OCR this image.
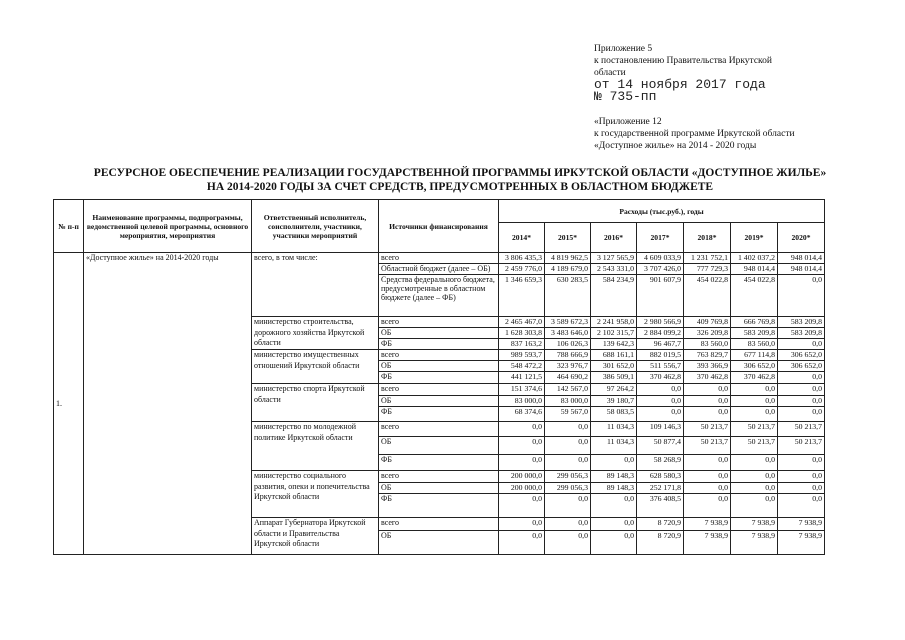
Приложение 5
к постановлению Правительства Иркутской
области
от 14 ноября 2017 года
№ 735-пп
«Приложение 12
к государственной программе Иркутской области
«Доступное жилье» на 2014 - 2020 годы
РЕСУРСНОЕ ОБЕСПЕЧЕНИЕ РЕАЛИЗАЦИИ ГОСУДАРСТВЕННОЙ ПРОГРАММЫ ИРКУТСКОЙ ОБЛАСТИ «ДОСТУПНОЕ ЖИЛЬЕ»
НА 2014-2020 ГОДЫ ЗА СЧЕТ СРЕДСТВ, ПРЕДУСМОТРЕННЫХ В ОБЛАСТНОМ БЮДЖЕТЕ
№ п-п	Наименование программы, подпрограммы, ведомственной целевой программы, основного мероприятия, мероприятия	Ответственный исполнитель, соисполнители, участники, участники мероприятий	Источники финансирования	Расходы (тыс.руб.), годы						
				2014*	2015*	2016*	2017*	2018*	2019*	2020*
1.	«Доступное жилье» на 2014-2020 годы	всего, в том числе:	всего	3 806 435,3	4 819 962,5	3 127 565,9	4 609 033,9	1 231 752,1	1 402 037,2	948 014,4
			Областной бюджет (далее – ОБ)	2 459 776,0	4 189 679,0	2 543 331,0	3 707 426,0	777 729,3	948 014,4	948 014,4
			Средства федерального бюджета, предусмотренные в областном бюджете (далее – ФБ)	1 346 659,3	630 283,5	584 234,9	901 607,9	454 022,8	454 022,8	0,0
		министерство строительства, дорожного хозяйства Иркутской области	всего	2 465 467,0	3 589 672,3	2 241 958,0	2 980 566,9	409 769,8	666 769,8	583 209,8
			ОБ	1 628 303,8	3 483 646,0	2 102 315,7	2 884 099,2	326 209,8	583 209,8	583 209,8
			ФБ	837 163,2	106 026,3	139 642,3	96 467,7	83 560,0	83 560,0	0,0
		министерство имущественных отношений Иркутской области	всего	989 593,7	788 666,9	688 161,1	882 019,5	763 829,7	677 114,8	306 652,0
			ОБ	548 472,2	323 976,7	301 652,0	511 556,7	393 366,9	306 652,0	306 652,0
			ФБ	441 121,5	464 690,2	386 509,1	370 462,8	370 462,8	370 462,8	0,0
		министерство спорта Иркутской области	всего	151 374,6	142 567,0	97 264,2	0,0	0,0	0,0	0,0
			ОБ	83 000,0	83 000,0	39 180,7	0,0	0,0	0,0	0,0
			ФБ	68 374,6	59 567,0	58 083,5	0,0	0,0	0,0	0,0
		министерство по молодежной политике Иркутской области	всего	0,0	0,0	11 034,3	109 146,3	50 213,7	50 213,7	50 213,7
			ОБ	0,0	0,0	11 034,3	50 877,4	50 213,7	50 213,7	50 213,7
			ФБ	0,0	0,0	0,0	58 268,9	0,0	0,0	0,0
		министерство социального развития, опеки и попечительства Иркутской области	всего	200 000,0	299 056,3	89 148,3	628 580,3	0,0	0,0	0,0
			ОБ	200 000,0	299 056,3	89 148,3	252 171,8	0,0	0,0	0,0
			ФБ	0,0	0,0	0,0	376 408,5	0,0	0,0	0,0
		Аппарат Губернатора Иркутской области и Правительства Иркутской области	всего	0,0	0,0	0,0	8 720,9	7 938,9	7 938,9	7 938,9
			ОБ	0,0	0,0	0,0	8 720,9	7 938,9	7 938,9	7 938,9
